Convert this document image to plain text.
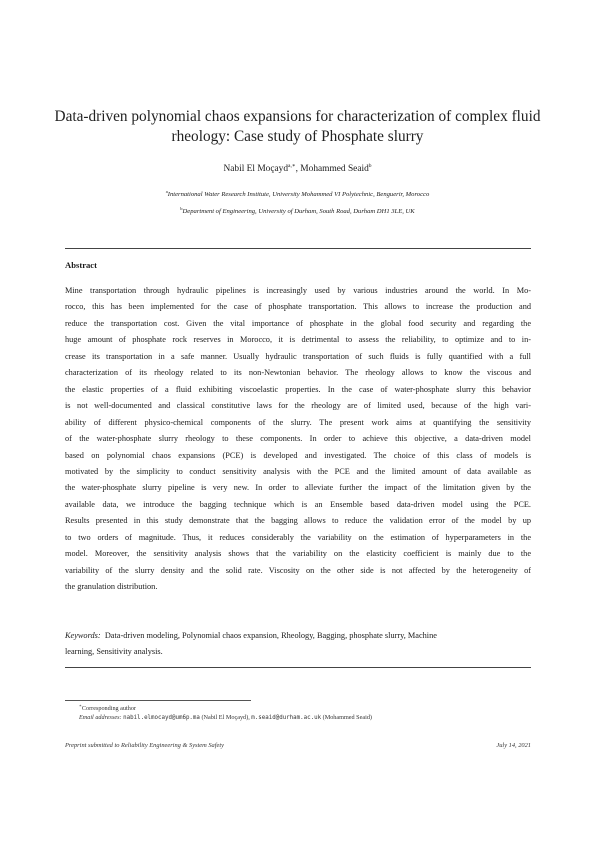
Data-driven polynomial chaos expansions for characterization of complex fluid
rheology: Case study of Phosphate slurry
Nabil El Moçayd$^{a,∗}$, Mohammed Seaid$^b$
$^a$International Water Research Institute, University Mohammed VI Polytechnic, Benguerir, Morocco
$^b$Department of Engineering, University of Durham, South Road, Durham DH1 3LE, UK
Abstract
Mine transportation through hydraulic pipelines is increasingly used by various industries around the world. In Mo-
rocco, this has been implemented for the case of phosphate transportation. This allows to increase the production and
reduce the transportation cost. Given the vital importance of phosphate in the global food security and regarding the
huge amount of phosphate rock reserves in Morocco, it is detrimental to assess the reliability, to optimize and to in-
crease its transportation in a safe manner. Usually hydraulic transportation of such fluids is fully quantified with a full
characterization of its rheology related to its non-Newtonian behavior. The rheology allows to know the viscous and
the elastic properties of a fluid exhibiting viscoelastic properties. In the case of water-phosphate slurry this behavior
is not well-documented and classical constitutive laws for the rheology are of limited used, because of the high vari-
ability of different physico-chemical components of the slurry. The present work aims at quantifying the sensitivity
of the water-phosphate slurry rheology to these components. In order to achieve this objective, a data-driven model
based on polynomial chaos expansions (PCE) is developed and investigated. The choice of this class of models is
motivated by the simplicity to conduct sensitivity analysis with the PCE and the limited amount of data available as
the water-phosphate slurry pipeline is very new. In order to alleviate further the impact of the limitation given by the
available data, we introduce the bagging technique which is an Ensemble based data-driven model using the PCE.
Results presented in this study demonstrate that the bagging allows to reduce the validation error of the model by up
to two orders of magnitude. Thus, it reduces considerably the variability on the estimation of hyperparameters in the
model. Moreover, the sensitivity analysis shows that the variability on the elasticity coefficient is mainly due to the
variability of the slurry density and the solid rate. Viscosity on the other side is not affected by the heterogeneity of
the granulation distribution.
Keywords: Data-driven modeling, Polynomial chaos expansion, Rheology, Bagging, phosphate slurry, Machine
learning, Sensitivity analysis.
∗Corresponding author
Email addresses: nabil.elmocayd@um6p.ma (Nabil El Moçayd), m.seaid@durham.ac.uk (Mohammed Seaid)
Preprint submitted to Reliability Engineering & System Safety	July 14, 2021
